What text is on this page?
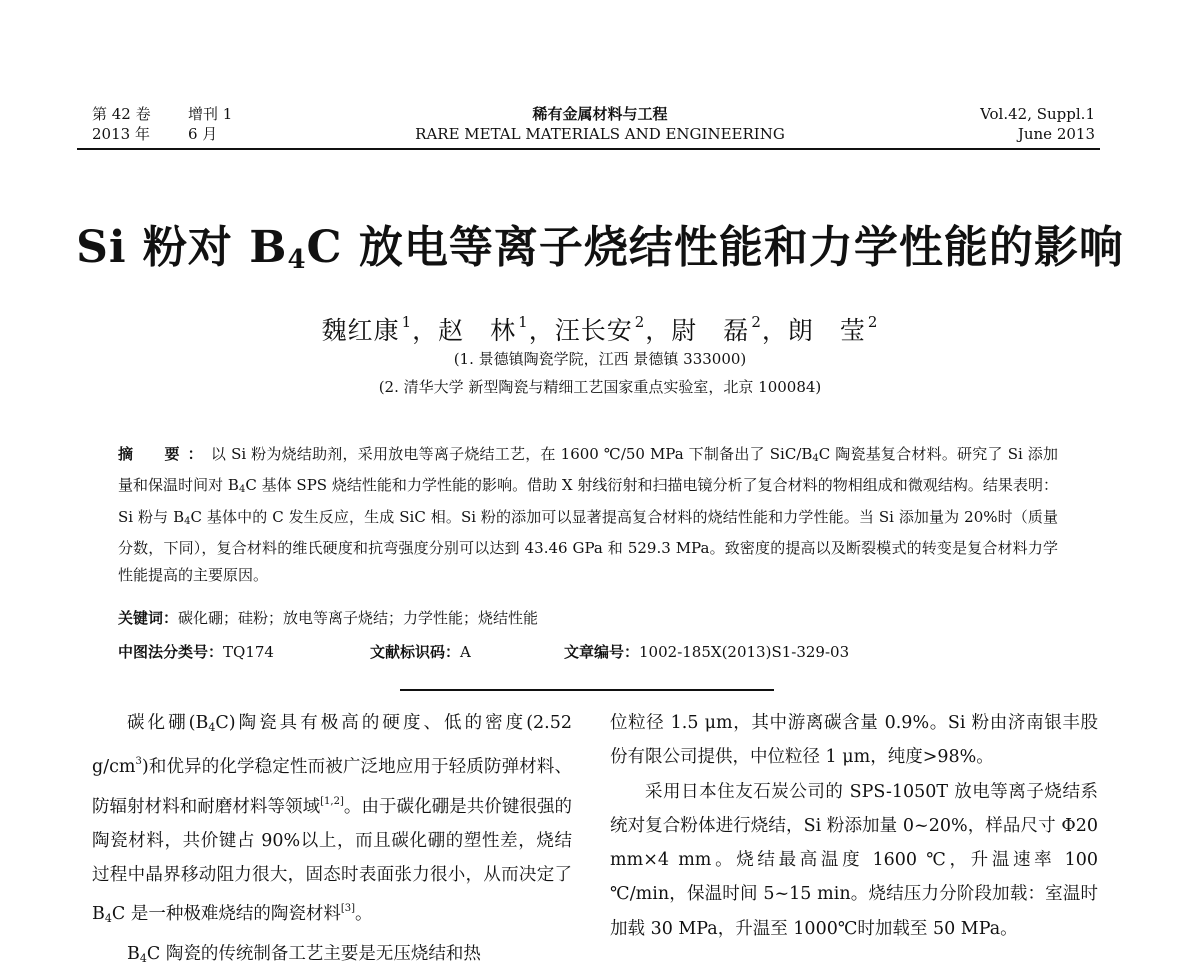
第 42 卷	增刊 1
2013 年	6 月
稀有金属材料与工程
RARE METAL MATERIALS AND ENGINEERING
Vol.42, Suppl.1
June 2013
Si 粉对 $B_4C$ 放电等离子烧结性能和力学性能的影响
魏红康 $^1$，赵　林 $^1$，汪长安 $^2$，尉　磊 $^2$，朗　莹 $^2$
(1. 景德镇陶瓷学院，江西 景德镇 333000)
(2. 清华大学 新型陶瓷与精细工艺国家重点实验室，北京 100084)
摘　要：以 Si 粉为烧结助剂，采用放电等离子烧结工艺，在 1600 ℃/50 MPa 下制备出了 SiC/$B_4C$ 陶瓷基复合材料。研究了 Si 添加量和保温时间对 $B_4C$ 基体 SPS 烧结性能和力学性能的影响。借助 X 射线衍射和扫描电镜分析了复合材料的物相组成和微观结构。结果表明：Si 粉与 $B_4C$ 基体中的 C 发生反应，生成 SiC 相。Si 粉的添加可以显著提高复合材料的烧结性能和力学性能。当 Si 添加量为 20%时（质量分数，下同），复合材料的维氏硬度和抗弯强度分别可以达到 43.46 GPa 和 529.3 MPa。致密度的提高以及断裂模式的转变是复合材料力学性能提高的主要原因。
关键词：碳化硼；硅粉；放电等离子烧结；力学性能；烧结性能
中图法分类号：TQ174	文献标识码：A	文章编号：1002-185X(2013)S1-329-03

碳化硼$(B_4C)$陶瓷具有极高的硬度、低的密度(2.52 $g/cm^3$)和优异的化学稳定性而被广泛地应用于轻质防弹材料、防辐射材料和耐磨材料等领域[1,2]。由于碳化硼是共价键很强的陶瓷材料，共价键占 90%以上，而且碳化硼的塑性差，烧结过程中晶界移动阻力很大，固态时表面张力很小，从而决定了 $B_4C$ 是一种极难烧结的陶瓷材料[3]。

$B_4C$ 陶瓷的传统制备工艺主要是无压烧结和热

位粒径 1.5 μm，其中游离碳含量 0.9%。Si 粉由济南银丰股份有限公司提供，中位粒径 1 μm，纯度>98%。

采用日本住友石炭公司的 SPS-1050T 放电等离子烧结系统对复合粉体进行烧结，Si 粉添加量 0~20%，样品尺寸 Φ20 mm×4 mm。烧结最高温度 1600 ℃，升温速率 100 ℃/min，保温时间 5~15 min。烧结压力分阶段加载：室温时加载 30 MPa，升温至 1000℃时加载至 50 MPa。
